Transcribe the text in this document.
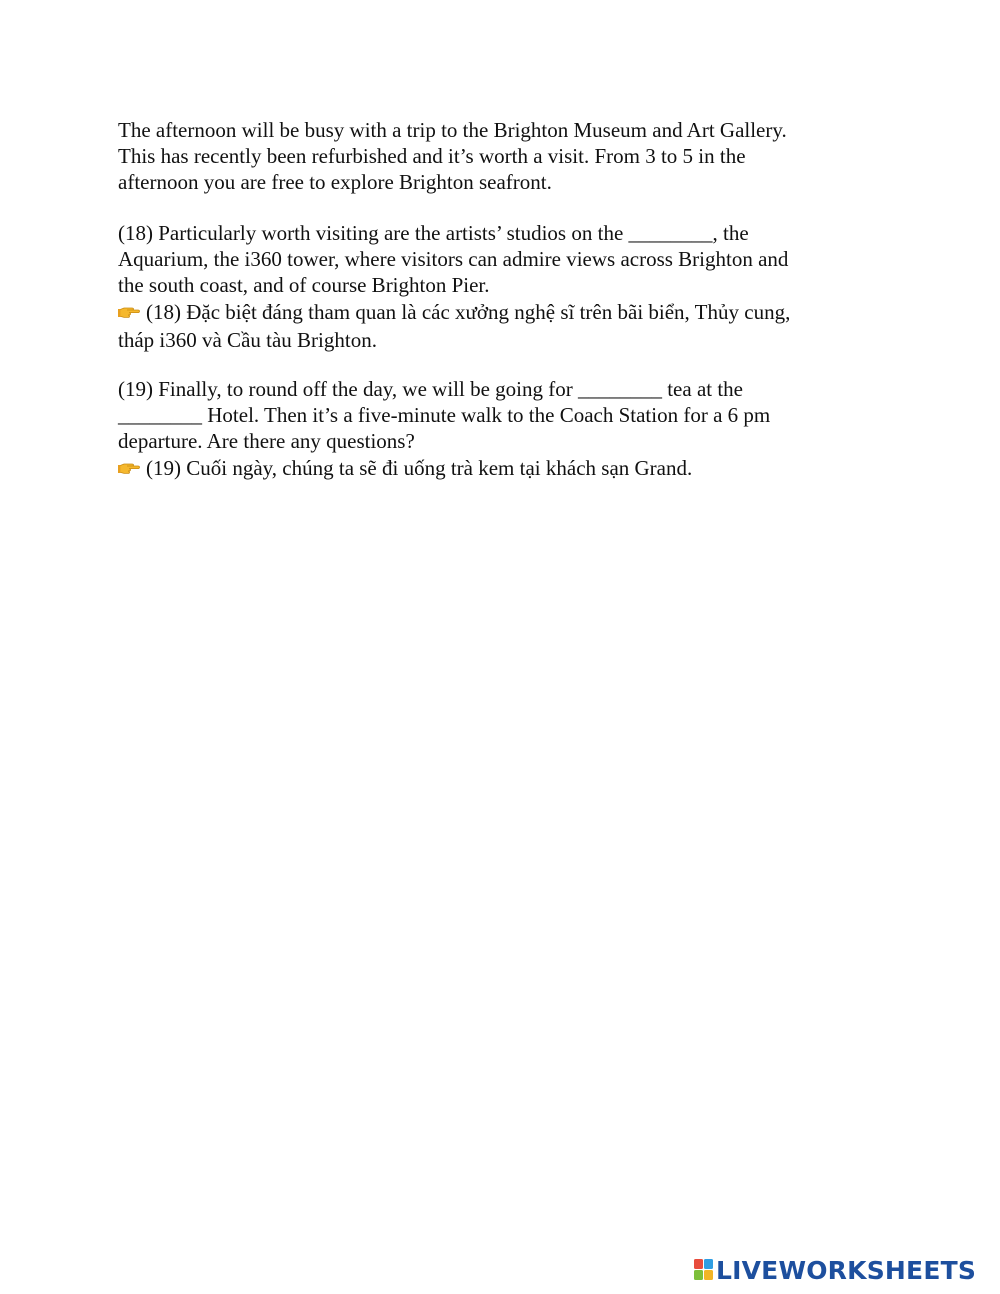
The afternoon will be busy with a trip to the Brighton Museum and Art Gallery.
This has recently been refurbished and it’s worth a visit. From 3 to 5 in the
afternoon you are free to explore Brighton seafront.

(18) Particularly worth visiting are the artists’ studios on the ________, the
Aquarium, the i360 tower, where visitors can admire views across Brighton and
the south coast, and of course Brighton Pier.
(18) Đặc biệt đáng tham quan là các xưởng nghệ sĩ trên bãi biển, Thủy cung,
tháp i360 và Cầu tàu Brighton.

(19) Finally, to round off the day, we will be going for ________ tea at the
________ Hotel. Then it’s a five-minute walk to the Coach Station for a 6 pm
departure. Are there any questions?
(19) Cuối ngày, chúng ta sẽ đi uống trà kem tại khách sạn Grand.

LIVEWORKSHEETS
